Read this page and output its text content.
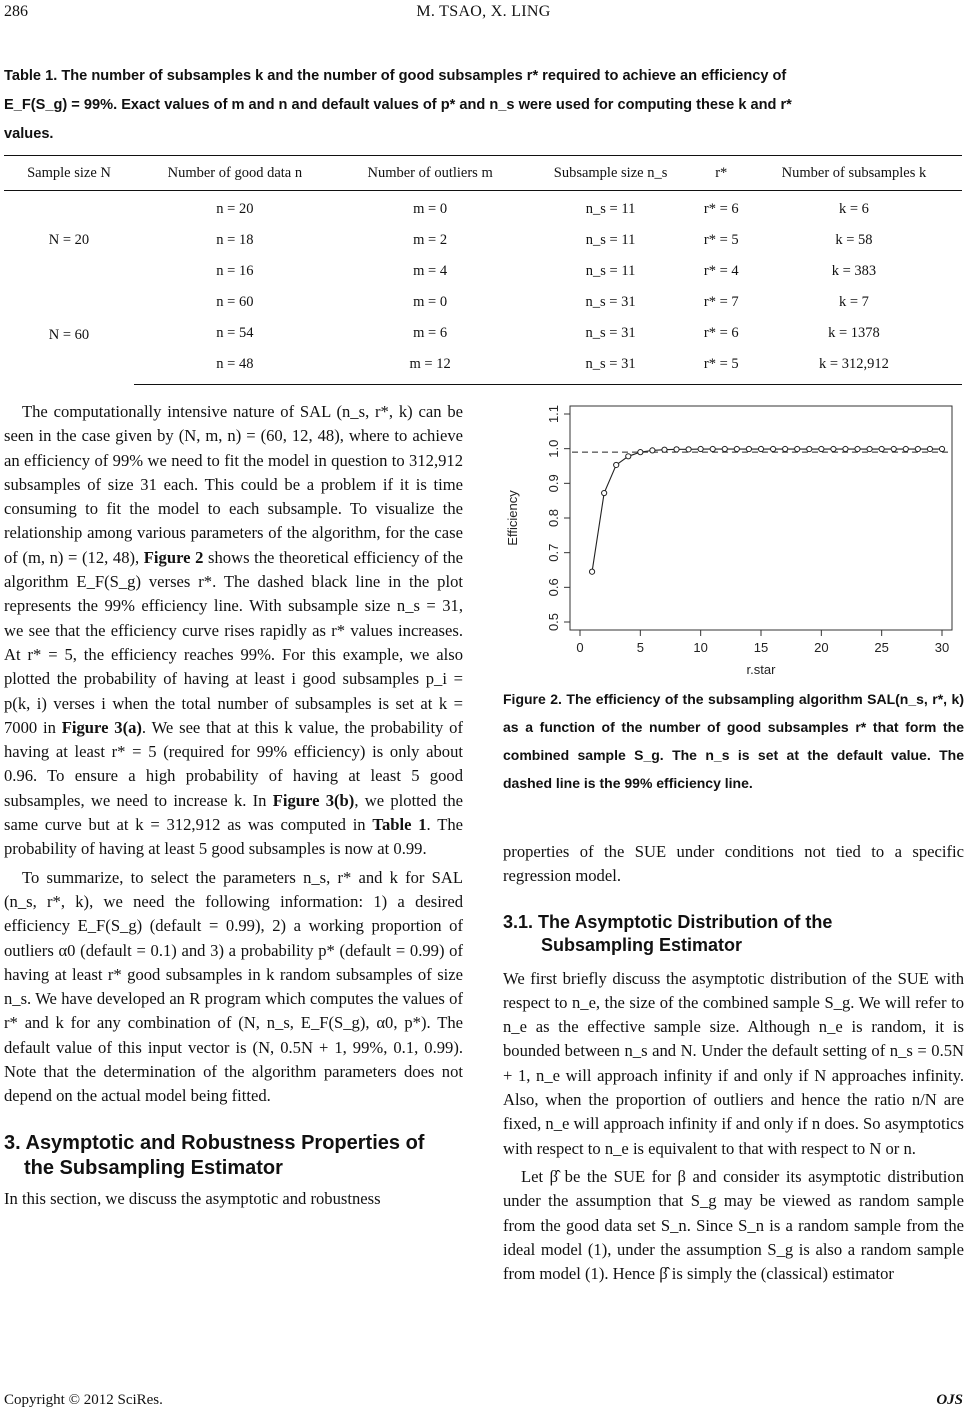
286	M. TSAO, X. LING
Table 1. The number of subsamples k and the number of good subsamples r* required to achieve an efficiency of
E_F(S_g) = 99%. Exact values of m and n and default values of p* and n_s were used for computing these k and r*
values.
Sample size N	Number of good data n	Number of outliers m	Subsample size n_s	r*	Number of subsamples k
N = 20	n = 20	m = 0	n_s = 11	r* = 6	k = 6
	n = 18	m = 2	n_s = 11	r* = 5	k = 58
	n = 16	m = 4	n_s = 11	r* = 4	k = 383
N = 60	n = 60	m = 0	n_s = 31	r* = 7	k = 7
	n = 54	m = 6	n_s = 31	r* = 6	k = 1378
	n = 48	m = 12	n_s = 31	r* = 5	k = 312,912

The computationally intensive nature of SAL (n_s, r*, k) can be seen in the case given by (N, m, n) = (60, 12, 48), where to achieve an efficiency of 99% we need to fit the model in question to 312,912 subsamples of size 31 each. This could be a problem if it is time consuming to fit the model to each subsample. To visualize the relationship among various parameters of the algorithm, for the case of (m, n) = (12, 48), Figure 2 shows the theoretical efficiency of the algorithm E_F(S_g) verses r*. The dashed black line in the plot represents the 99% efficiency line. With subsample size n_s = 31, we see that the efficiency curve rises rapidly as r* values increases. At r* = 5, the efficiency reaches 99%. For this example, we also plotted the probability of having at least i good subsamples p_i = p(k, i) verses i when the total number of subsamples is set at k = 7000 in Figure 3(a). We see that at this k value, the probability of having at least r* = 5 (required for 99% efficiency) is only about 0.96. To ensure a high probability of having at least 5 good subsamples, we need to increase k. In Figure 3(b), we plotted the same curve but at k = 312,912 as was computed in Table 1. The probability of having at least 5 good subsamples is now at 0.99.

To summarize, to select the parameters n_s, r* and k for SAL (n_s, r*, k), we need the following information: 1) a desired efficiency E_F(S_g) (default = 0.99), 2) a working proportion of outliers α0 (default = 0.1) and 3) a probability p* (default = 0.99) of having at least r* good subsamples in k random subsamples of size n_s. We have developed an R program which computes the values of r* and k for any combination of (N, n_s, E_F(S_g), α0, p*). The default value of this input vector is (N, 0.5N + 1, 99%, 0.1, 0.99). Note that the determination of the algorithm parameters does not depend on the actual model being fitted.

3. Asymptotic and Robustness Properties of
the Subsampling Estimator

In this section, we discuss the asymptotic and robustness

0	5	10	15	20	25	30
0.5
0.6
0.7
0.8
0.9
1.0
1.1
r.star
Efficiency
Figure 2. The efficiency of the subsampling algorithm SAL(n_s, r*, k) as a function of the number of good subsamples r* that form the combined sample S_g. The n_s is set at the default value. The dashed line is the 99% efficiency line.

properties of the SUE under conditions not tied to a specific regression model.

3.1. The Asymptotic Distribution of the
Subsampling Estimator

We first briefly discuss the asymptotic distribution of the SUE with respect to n_e, the size of the combined sample S_g. We will refer to n_e as the effective sample size. Although n_e is random, it is bounded between n_s and N. Under the default setting of n_s = 0.5N + 1, n_e will approach infinity if and only if N approaches infinity. Also, when the proportion of outliers and hence the ratio n/N are fixed, n_e will approach infinity if and only if n does. So asymptotics with respect to n_e is equivalent to that with respect to N or n.

Let β̂ be the SUE for β and consider its asymptotic distribution under the assumption that S_g may be viewed as random sample from the good data set S_n. Since S_n is a random sample from the ideal model (1), under the assumption S_g is also a random sample from model (1). Hence β̂ is simply the (classical) estimator

Copyright © 2012 SciRes.	OJS
